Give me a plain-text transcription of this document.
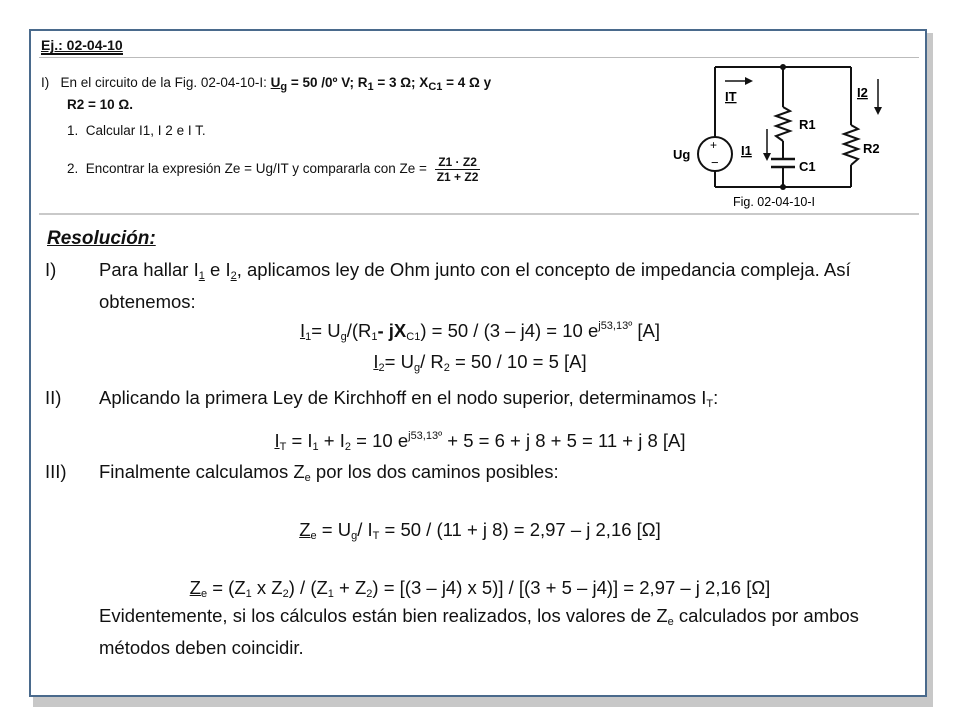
Ej.: 02-04-10
I) En el circuito de la Fig. 02-04-10-I: $U_g = 50$ /0º V; $R_1 = 3$ Ω; $X_{C1} = 4$ Ω y
R2 = 10 Ω.
1. Calcular I1, I 2 e I T.
2. Encontrar la expresión Ze = Ug/IT y compararla con $Ze = \frac{Z1 \cdot Z2}{Z1 + Z2}$
+
−
Ug
R1
C1
R2
IT	I2
I1
Fig. 02-04-10-I
Resolución:
I)	Para hallar $I_1$ e $I_2$, aplicamos ley de Ohm junto con el concepto de impedancia compleja. Así obtenemos:
$I_1= U_g/(R_1-$ $jX_{C1}) = 50 / (3 - j4) = 10$ $e^{j53,13º}$ [A]
$I_2= U_g/$ $R_2 = 50 / 10 = 5$ [A]
II)	Aplicando la primera Ley de Kirchhoff en el nodo superior, determinamos $I_T$:
$I_T = I_1 + I_2 = 10$ $e^{j53,13º} + 5 = 6 + j$ 8 + 5 = 11 + j 8 [A]
III)	Finalmente calculamos $Z_e$ por los dos caminos posibles:
$Z_e = U_g/$ $I_T = 50 / (11 + j$ 8) = 2,97 – j 2,16 [Ω]
$Z_e = (Z_1$ x $Z_2) / (Z_1 + Z_2) = [(3 - j4)$ x 5)] / [(3 + 5 – j4)] = 2,97 – j 2,16 [Ω]
Evidentemente, si los cálculos están bien realizados, los valores de $Z_e$ calculados por ambos métodos deben coincidir.
